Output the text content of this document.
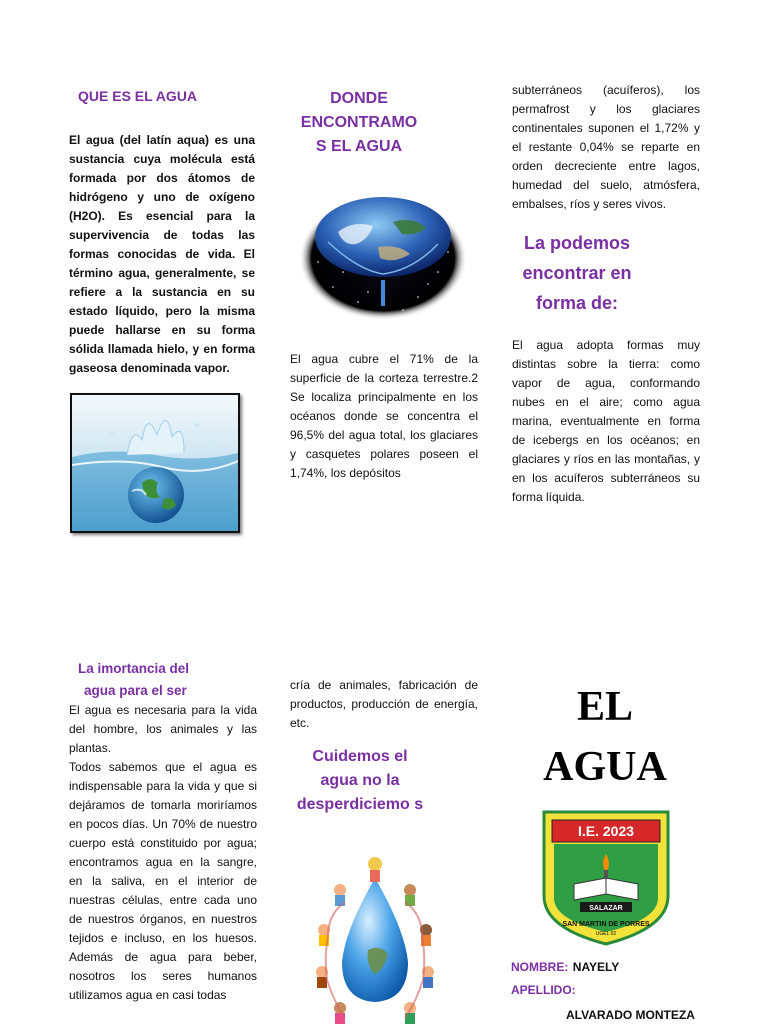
QUE ES EL AGUA

El agua (del latín aqua) es una sustancia cuya molécula está formada por dos átomos de hidrógeno y uno de oxígeno (H2O). Es esencial para la supervivencia de todas las formas conocidas de vida. El término agua, generalmente, se refiere a la sustancia en su estado líquido, pero la misma puede hallarse en su forma sólida llamada hielo, y en forma gaseosa denominada vapor.

DONDE ENCONTRAMO S EL AGUA

El agua cubre el 71% de la superficie de la corteza terrestre.2 Se localiza principalmente en los océanos donde se concentra el 96,5% del agua total, los glaciares y casquetes polares poseen el 1,74%, los depósitos

subterráneos (acuíferos), los permafrost y los glaciares continentales suponen el 1,72% y el restante 0,04% se reparte en orden decreciente entre lagos, humedad del suelo, atmósfera, embalses, ríos y seres vivos.

La podemos encontrar en forma de:

El agua adopta formas muy distintas sobre la tierra: como vapor de agua, conformando nubes en el aire; como agua marina, eventualmente en forma de icebergs en los océanos; en glaciares y ríos en las montañas, y en los acuíferos subterráneos su forma líquida.

La imortancia del
agua para el ser

El agua es necesaria para la vida del hombre, los animales y las plantas.

Todos sabemos que el agua es indispensable para la vida y que si dejáramos de tomarla moriríamos en pocos días. Un 70% de nuestro cuerpo está constituido por agua; encontramos agua en la sangre, en la saliva, en el interior de nuestras células, entre cada uno de nuestros órganos, en nuestros tejidos e incluso, en los huesos. Además de agua para beber, nosotros los seres humanos utilizamos agua en casi todas

cría de animales, fabricación de productos, producción de energía, etc.

Cuidemos el agua no la desperdiciemo s
EL
AGUA
I.E. 2023
SALAZAR
SAN MARTIN DE PORRES
UGEL 02
NOMBRE: NAYELY
APELLIDO:
ALVARADO MONTEZA
